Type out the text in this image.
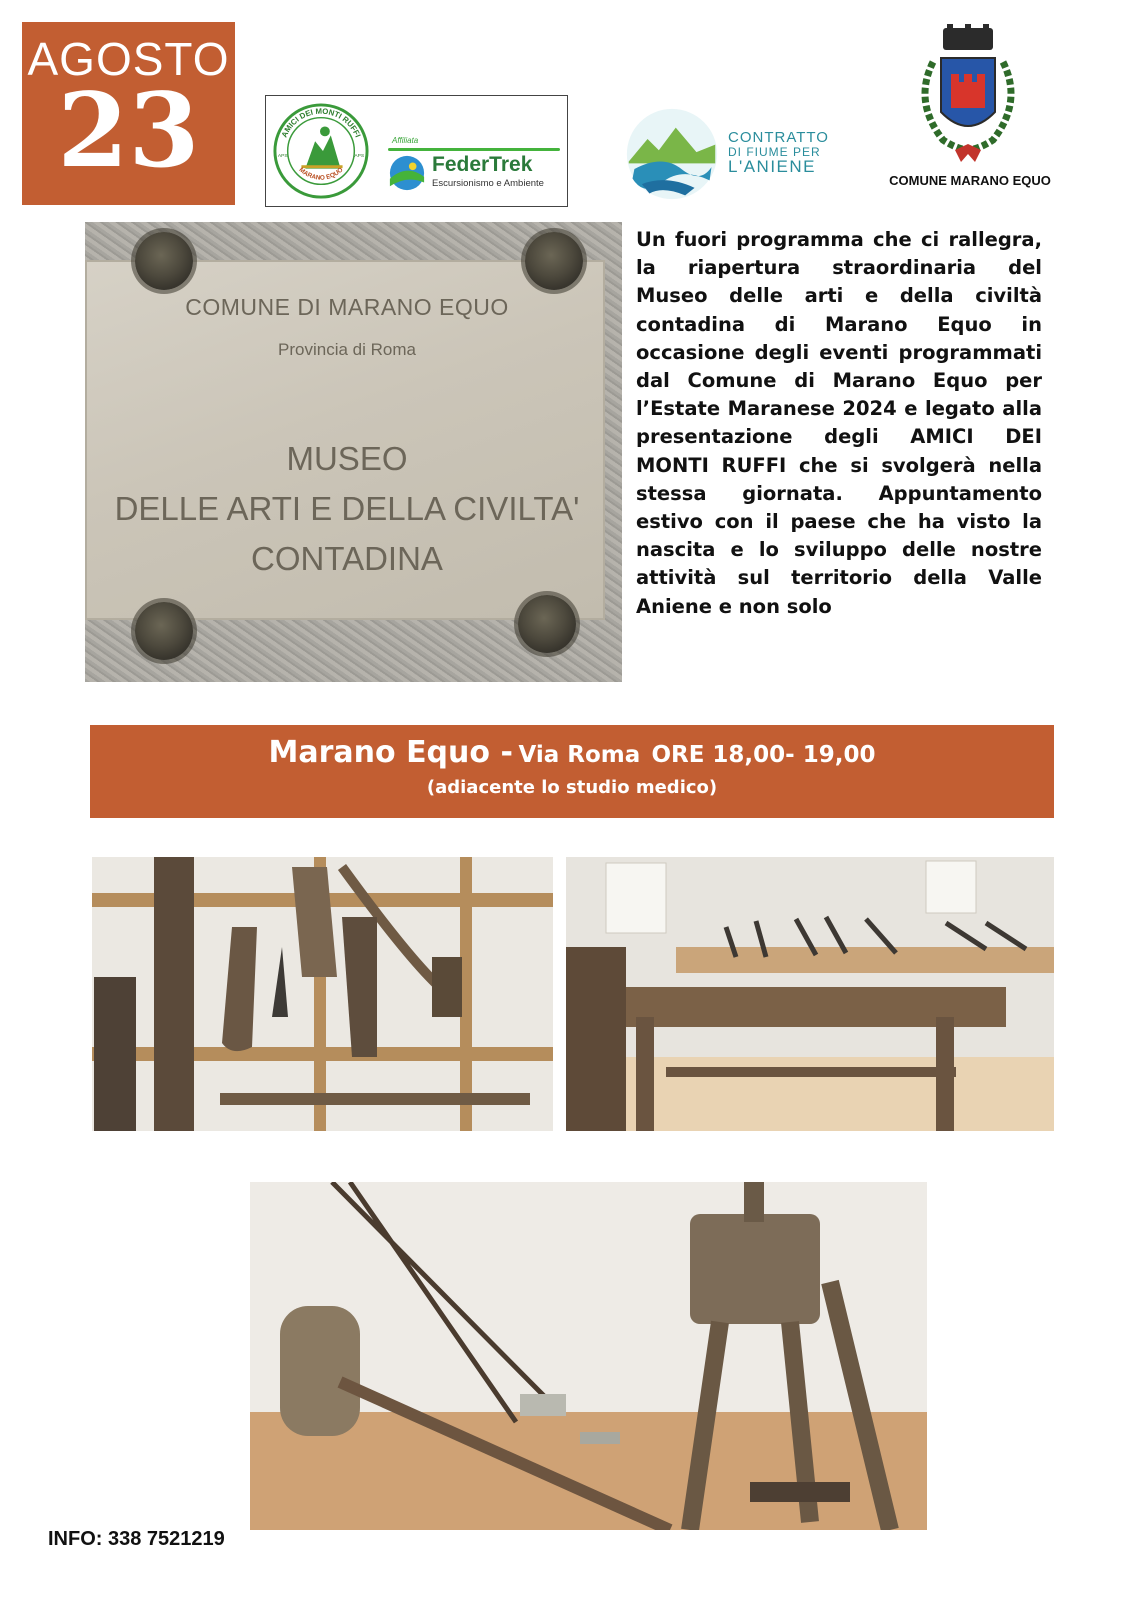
AGOSTO
23	AMICI DEI MONTI RUFFI
MARANO EQUO
APS	APS
Affiliata
FederTrek
Escursionismo e Ambiente
CONTRATTO
DI FIUME PER
L'ANIENE
COMUNE MARANO EQUO
COMUNE DI MARANO EQUO
Provincia di Roma
MUSEO
DELLE ARTI E DELLA CIVILTA'
CONTADINA
Un fuori programma che ci rallegra, la riapertura straordinaria del Museo delle arti e della civiltà contadina di Marano Equo in occasione degli eventi programmati dal Comune di Marano Equo per l’Estate Maranese 2024 e legato alla presentazione degli AMICI DEI MONTI RUFFI che si svolgerà nella stessa giornata. Appuntamento estivo con il paese che ha visto la nascita e lo sviluppo delle nostre attività sul territorio della Valle Aniene e non solo
Marano Equo - Via Roma ORE 18,00- 19,00
(adiacente lo studio medico)
INFO: 338 7521219
